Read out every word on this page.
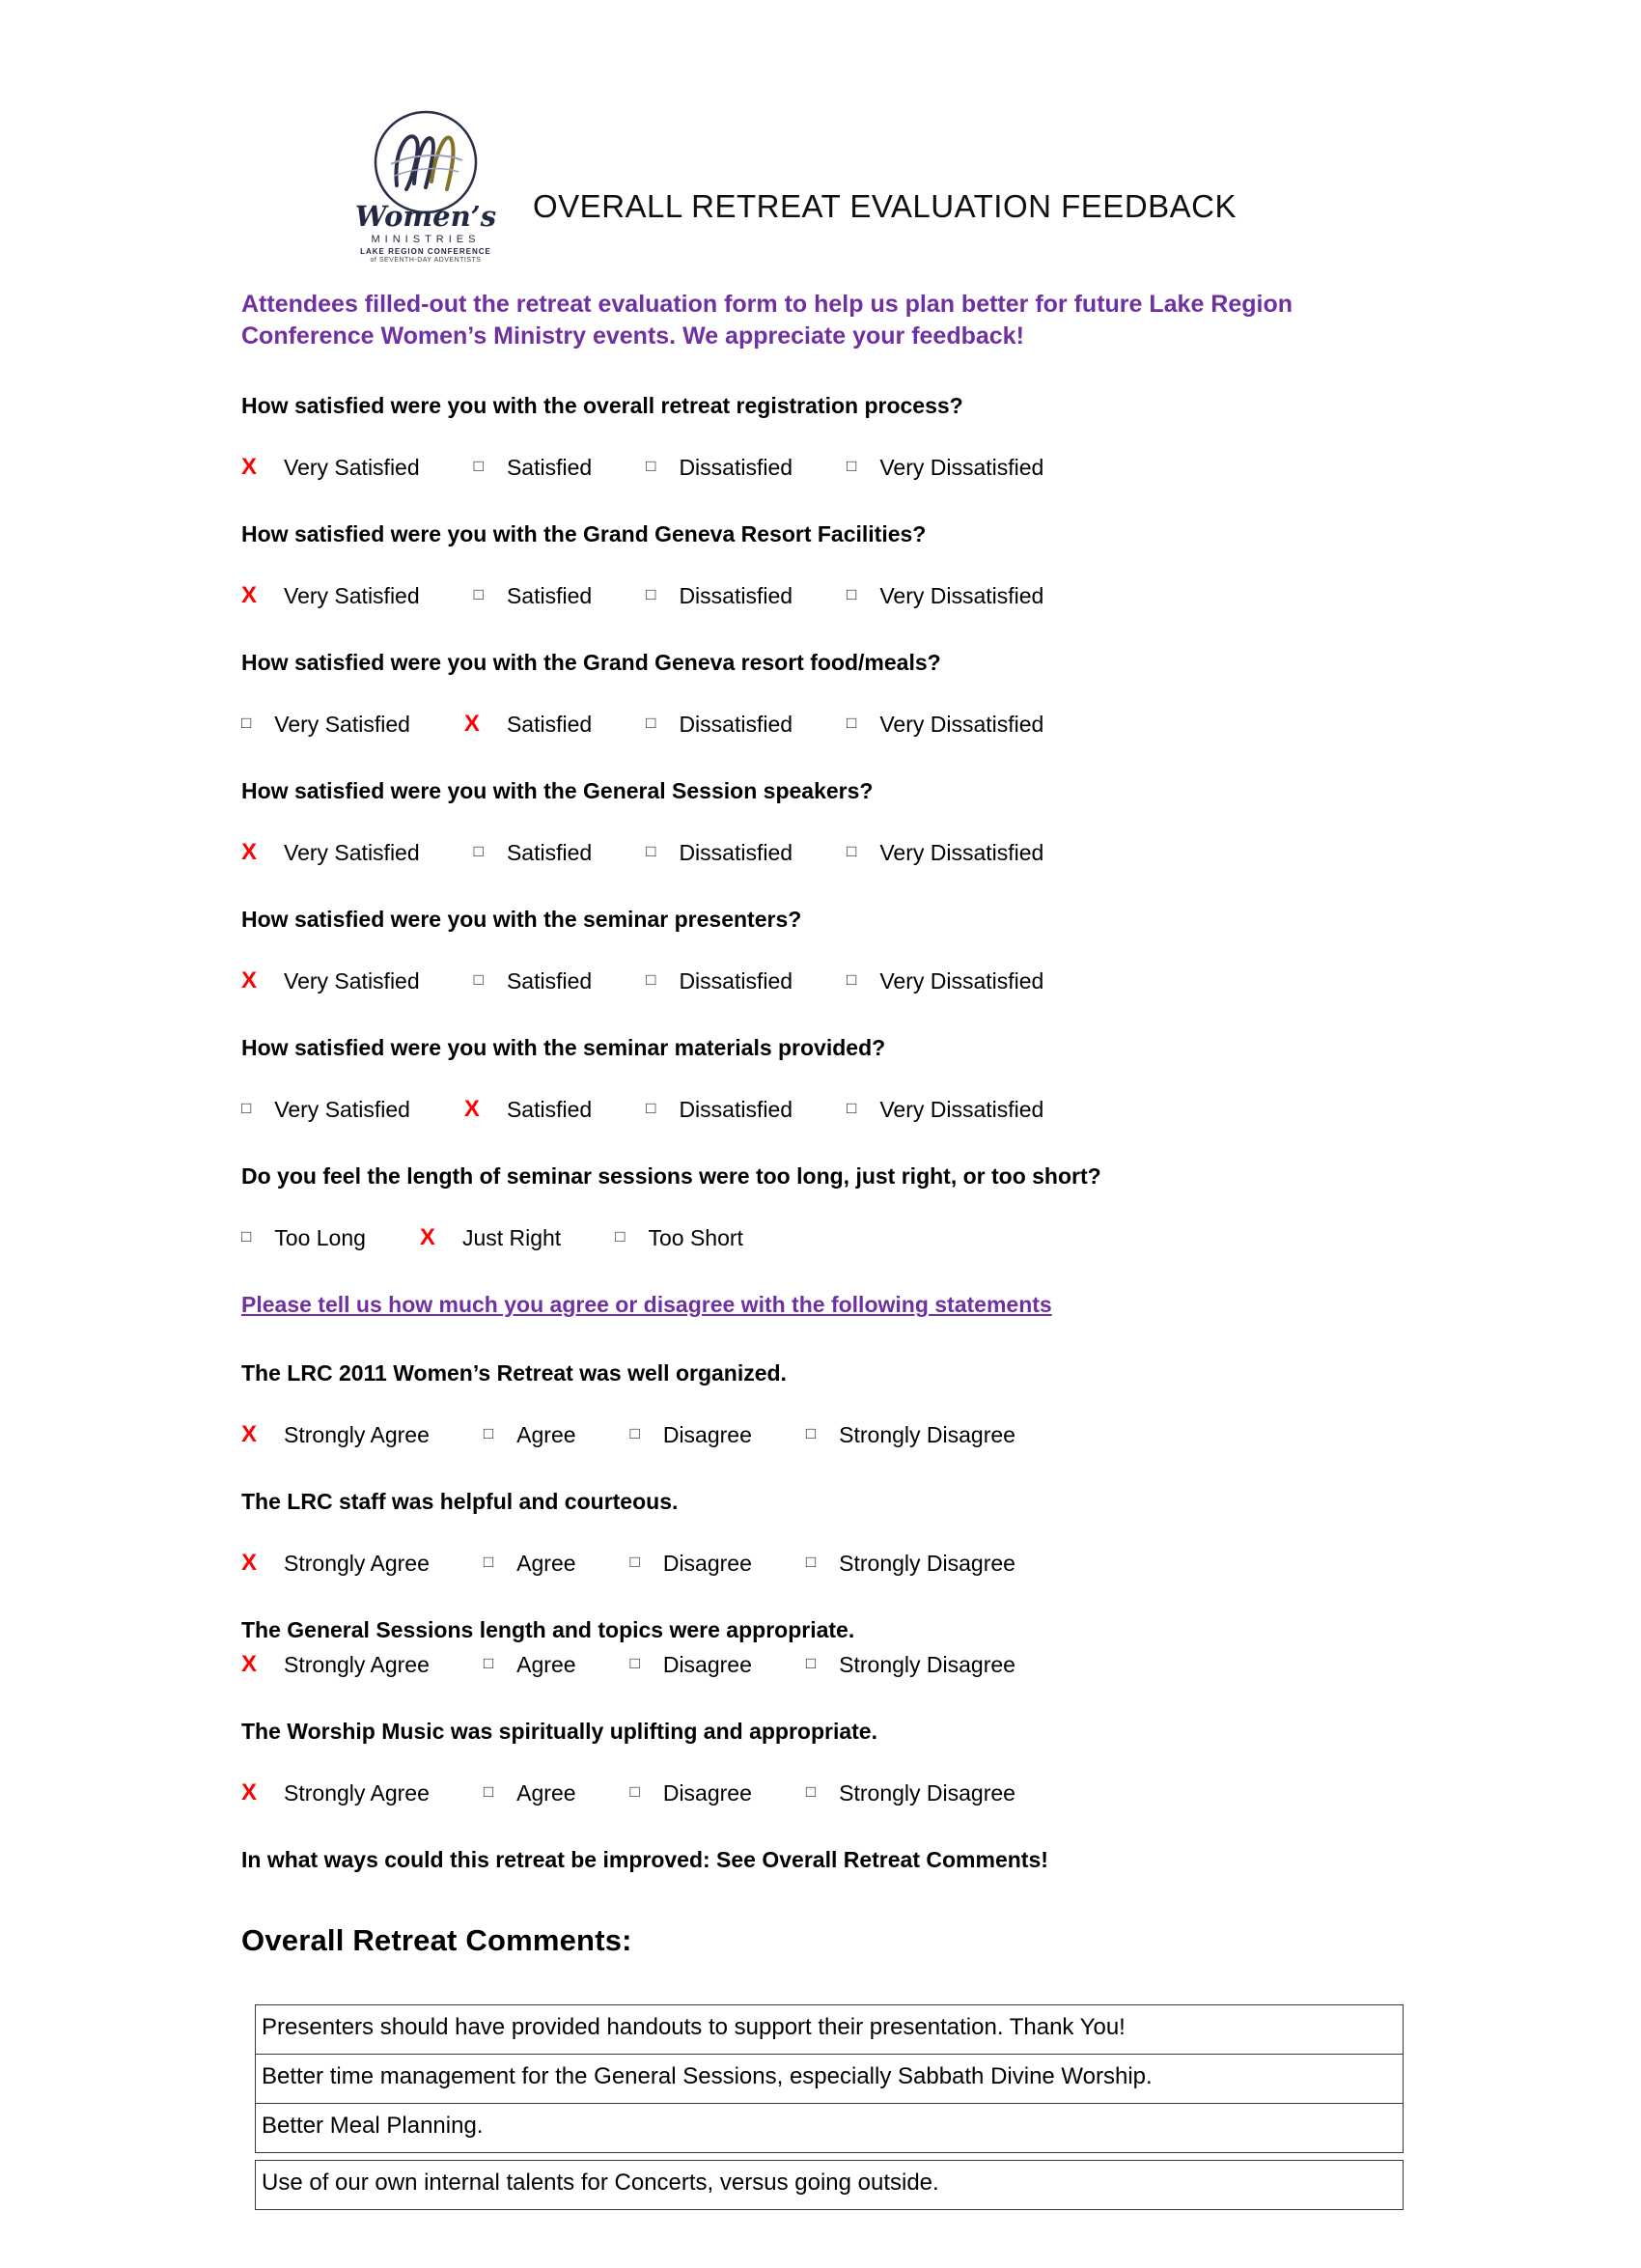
Women’s
MINISTRIES
LAKE REGION CONFERENCE
of SEVENTH-DAY ADVENTISTS
OVERALL RETREAT EVALUATION FEEDBACK
Attendees filled-out the retreat evaluation form to help us plan better for future Lake Region Conference Women’s Ministry events. We appreciate your feedback!
How satisfied were you with the overall retreat registration process?
X Very Satisfied	□ Satisfied	□ Dissatisfied	□ Very Dissatisfied
How satisfied were you with the Grand Geneva Resort Facilities?
X Very Satisfied	□ Satisfied	□ Dissatisfied	□ Very Dissatisfied
How satisfied were you with the Grand Geneva resort food/meals?
□ Very Satisfied X Satisfied	□ Dissatisfied	□ Very Dissatisfied
How satisfied were you with the General Session speakers?
X Very Satisfied	□ Satisfied	□ Dissatisfied	□ Very Dissatisfied
How satisfied were you with the seminar presenters?
X Very Satisfied	□ Satisfied	□ Dissatisfied	□ Very Dissatisfied
How satisfied were you with the seminar materials provided?
□ Very Satisfied X Satisfied	□ Dissatisfied	□ Very Dissatisfied
Do you feel the length of seminar sessions were too long, just right, or too short?
□ Too Long X Just Right	□ Too Short
Please tell us how much you agree or disagree with the following statements
The LRC 2011 Women’s Retreat was well organized.
X Strongly Agree	□ Agree	□ Disagree	□ Strongly Disagree
The LRC staff was helpful and courteous.
X Strongly Agree	□ Agree	□ Disagree	□ Strongly Disagree
The General Sessions length and topics were appropriate.
X Strongly Agree	□ Agree	□ Disagree	□ Strongly Disagree
The Worship Music was spiritually uplifting and appropriate.
X Strongly Agree	□ Agree	□ Disagree	□ Strongly Disagree
In what ways could this retreat be improved: See Overall Retreat Comments!
Overall Retreat Comments:
Presenters should have provided handouts to support their presentation. Thank You!
Better time management for the General Sessions, especially Sabbath Divine Worship.
Better Meal Planning.
Use of our own internal talents for Concerts, versus going outside.
